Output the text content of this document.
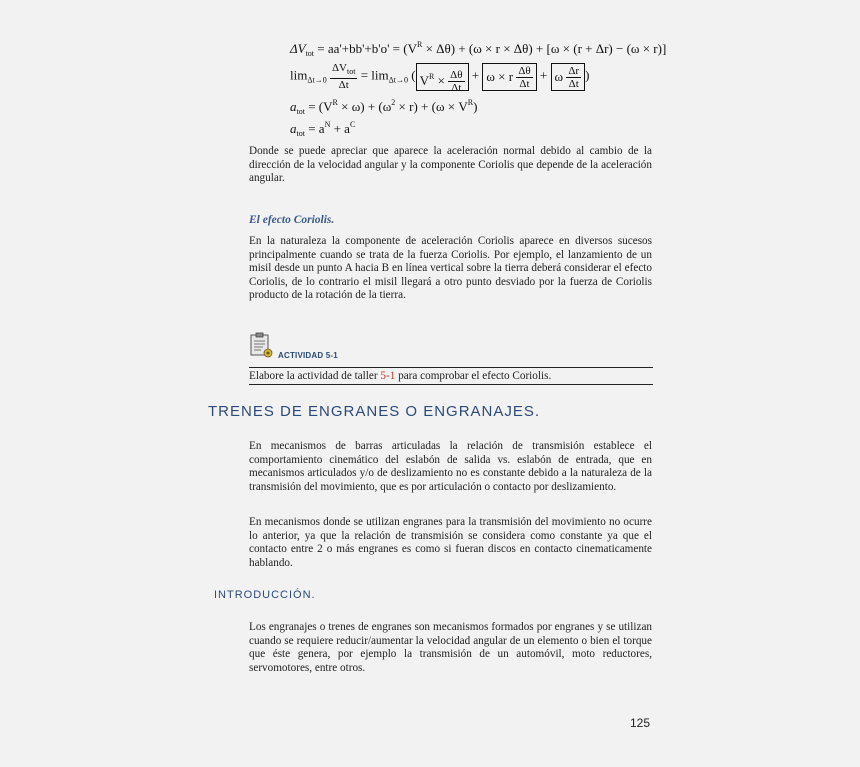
$\Delta V_{tot} = aa'+bb'+b'o' = (V^R \times \Delta\theta) + (\omega \times r \times \Delta\theta) + [\omega \times (r + \Delta r) - (\omega \times r)]$
$\lim_{\Delta t\to 0} \frac{\Delta V_{tot}}{\Delta t} = \lim_{\Delta t\to 0}$ ( $V^R \times \frac{\Delta\theta}{\Delta t} + \omega \times r \frac{\Delta\theta}{\Delta t} + \omega \frac{\Delta r}{\Delta t}$ )
$a_{tot} = (V^R \times \omega) + (\omega^2 \times r) + (\omega \times V^R)$
$a_{tot} = a^N + a^C$
Donde se puede apreciar que aparece la aceleración normal debido al cambio de la dirección de la velocidad angular y la componente Coriolis que depende de la aceleración angular.
El efecto Coriolis.
En la naturaleza la componente de aceleración Coriolis aparece en diversos sucesos principalmente cuando se trata de la fuerza Coriolis. Por ejemplo, el lanzamiento de un misil desde un punto A hacia B en línea vertical sobre la tierra deberá considerar el efecto Coriolis, de lo contrario el misil llegará a otro punto desviado por la fuerza de Coriolis producto de la rotación de la tierra.
ACTIVIDAD 5-1
Elabore la actividad de taller 5-1 para comprobar el efecto Coriolis.
TRENES DE ENGRANES O ENGRANAJES.
En mecanismos de barras articuladas la relación de transmisión establece el comportamiento cinemático del eslabón de salida vs. eslabón de entrada, que en mecanismos articulados y/o de deslizamiento no es constante debido a la naturaleza de la transmisión del movimiento, que es por articulación o contacto por deslizamiento.
En mecanismos donde se utilizan engranes para la transmisión del movimiento no ocurre lo anterior, ya que la relación de transmisión se considera como constante ya que el contacto entre 2 o más engranes es como si fueran discos en contacto cinematicamente hablando.
INTRODUCCIÓN.
Los engranajes o trenes de engranes son mecanismos formados por engranes y se utilizan cuando se requiere reducir/aumentar la velocidad angular de un elemento o bien el torque que éste genera, por ejemplo la transmisión de un automóvil, moto reductores, servomotores, entre otros.
125
